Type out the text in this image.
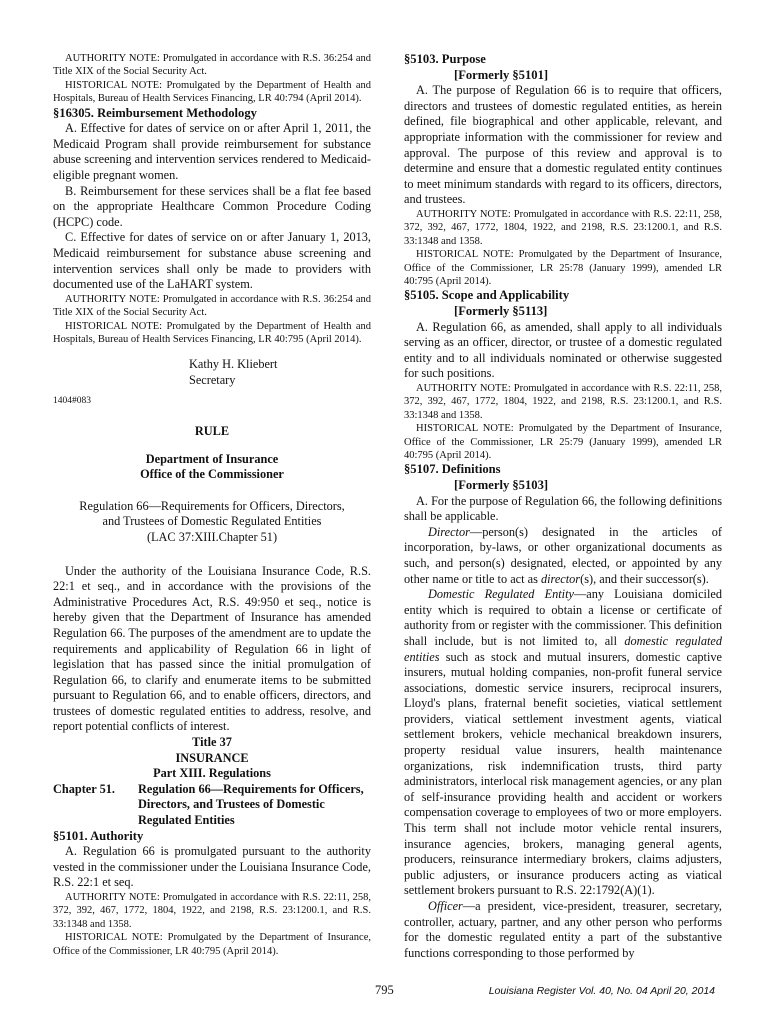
AUTHORITY NOTE: Promulgated in accordance with R.S. 36:254 and Title XIX of the Social Security Act.

HISTORICAL NOTE: Promulgated by the Department of Health and Hospitals, Bureau of Health Services Financing, LR 40:794 (April 2014).

§16305. Reimbursement Methodology

A. Effective for dates of service on or after April 1, 2011, the Medicaid Program shall provide reimbursement for substance abuse screening and intervention services rendered to Medicaid-eligible pregnant women.

B. Reimbursement for these services shall be a flat fee based on the appropriate Healthcare Common Procedure Coding (HCPC) code.

C. Effective for dates of service on or after January 1, 2013, Medicaid reimbursement for substance abuse screening and intervention services shall only be made to providers with documented use of the LaHART system.

AUTHORITY NOTE: Promulgated in accordance with R.S. 36:254 and Title XIX of the Social Security Act.

HISTORICAL NOTE: Promulgated by the Department of Health and Hospitals, Bureau of Health Services Financing, LR 40:795 (April 2014).

Kathy H. Kliebert
Secretary
1404#083

RULE

Department of Insurance

Office of the Commissioner

Regulation 66—Requirements for Officers, Directors,

and Trustees of Domestic Regulated Entities

(LAC 37:XIII.Chapter 51)

Under the authority of the Louisiana Insurance Code, R.S. 22:1 et seq., and in accordance with the provisions of the Administrative Procedures Act, R.S. 49:950 et seq., notice is hereby given that the Department of Insurance has amended Regulation 66. The purposes of the amendment are to update the requirements and applicability of Regulation 66 in light of legislation that has passed since the initial promulgation of Regulation 66, to clarify and enumerate items to be submitted pursuant to Regulation 66, and to enable officers, directors, and trustees of domestic regulated entities to address, resolve, and report potential conflicts of interest.

Title 37

INSURANCE

Part XIII. Regulations

Chapter 51.	Regulation 66—Requirements for Officers, Directors, and Trustees of Domestic Regulated Entities

§5101. Authority

A. Regulation 66 is promulgated pursuant to the authority vested in the commissioner under the Louisiana Insurance Code, R.S. 22:1 et seq.

AUTHORITY NOTE: Promulgated in accordance with R.S. 22:11, 258, 372, 392, 467, 1772, 1804, 1922, and 2198, R.S. 23:1200.1, and R.S. 33:1348 and 1358.

HISTORICAL NOTE: Promulgated by the Department of Insurance, Office of the Commissioner, LR 40:795 (April 2014).

§5103. Purpose

[Formerly §5101]

A. The purpose of Regulation 66 is to require that officers, directors and trustees of domestic regulated entities, as herein defined, file biographical and other applicable, relevant, and appropriate information with the commissioner for review and approval. The purpose of this review and approval is to determine and ensure that a domestic regulated entity continues to meet minimum standards with regard to its officers, directors, and trustees.

AUTHORITY NOTE: Promulgated in accordance with R.S. 22:11, 258, 372, 392, 467, 1772, 1804, 1922, and 2198, R.S. 23:1200.1, and R.S. 33:1348 and 1358.

HISTORICAL NOTE: Promulgated by the Department of Insurance, Office of the Commissioner, LR 25:78 (January 1999), amended LR 40:795 (April 2014).

§5105. Scope and Applicability

[Formerly §5113]

A. Regulation 66, as amended, shall apply to all individuals serving as an officer, director, or trustee of a domestic regulated entity and to all individuals nominated or otherwise suggested for such positions.

AUTHORITY NOTE: Promulgated in accordance with R.S. 22:11, 258, 372, 392, 467, 1772, 1804, 1922, and 2198, R.S. 23:1200.1, and R.S. 33:1348 and 1358.

HISTORICAL NOTE: Promulgated by the Department of Insurance, Office of the Commissioner, LR 25:79 (January 1999), amended LR 40:795 (April 2014).

§5107. Definitions

[Formerly §5103]

A. For the purpose of Regulation 66, the following definitions shall be applicable.

Director—person(s) designated in the articles of incorporation, by-laws, or other organizational documents as such, and person(s) designated, elected, or appointed by any other name or title to act as director(s), and their successor(s).

Domestic Regulated Entity—any Louisiana domiciled entity which is required to obtain a license or certificate of authority from or register with the commissioner. This definition shall include, but is not limited to, all domestic regulated entities such as stock and mutual insurers, domestic captive insurers, mutual holding companies, non-profit funeral service associations, domestic service insurers, reciprocal insurers, Lloyd's plans, fraternal benefit societies, viatical settlement providers, viatical settlement investment agents, viatical settlement brokers, vehicle mechanical breakdown insurers, property residual value insurers, health maintenance organizations, risk indemnification trusts, third party administrators, interlocal risk management agencies, or any plan of self-insurance providing health and accident or workers compensation coverage to employees of two or more employers. This term shall not include motor vehicle rental insurers, insurance agencies, brokers, managing general agents, producers, reinsurance intermediary brokers, claims adjusters, public adjusters, or insurance producers acting as viatical settlement brokers pursuant to R.S. 22:1792(A)(1).

Officer—a president, vice-president, treasurer, secretary, controller, actuary, partner, and any other person who performs for the domestic regulated entity a part of the substantive functions corresponding to those performed by

795	Louisiana Register Vol. 40, No. 04 April 20, 2014
